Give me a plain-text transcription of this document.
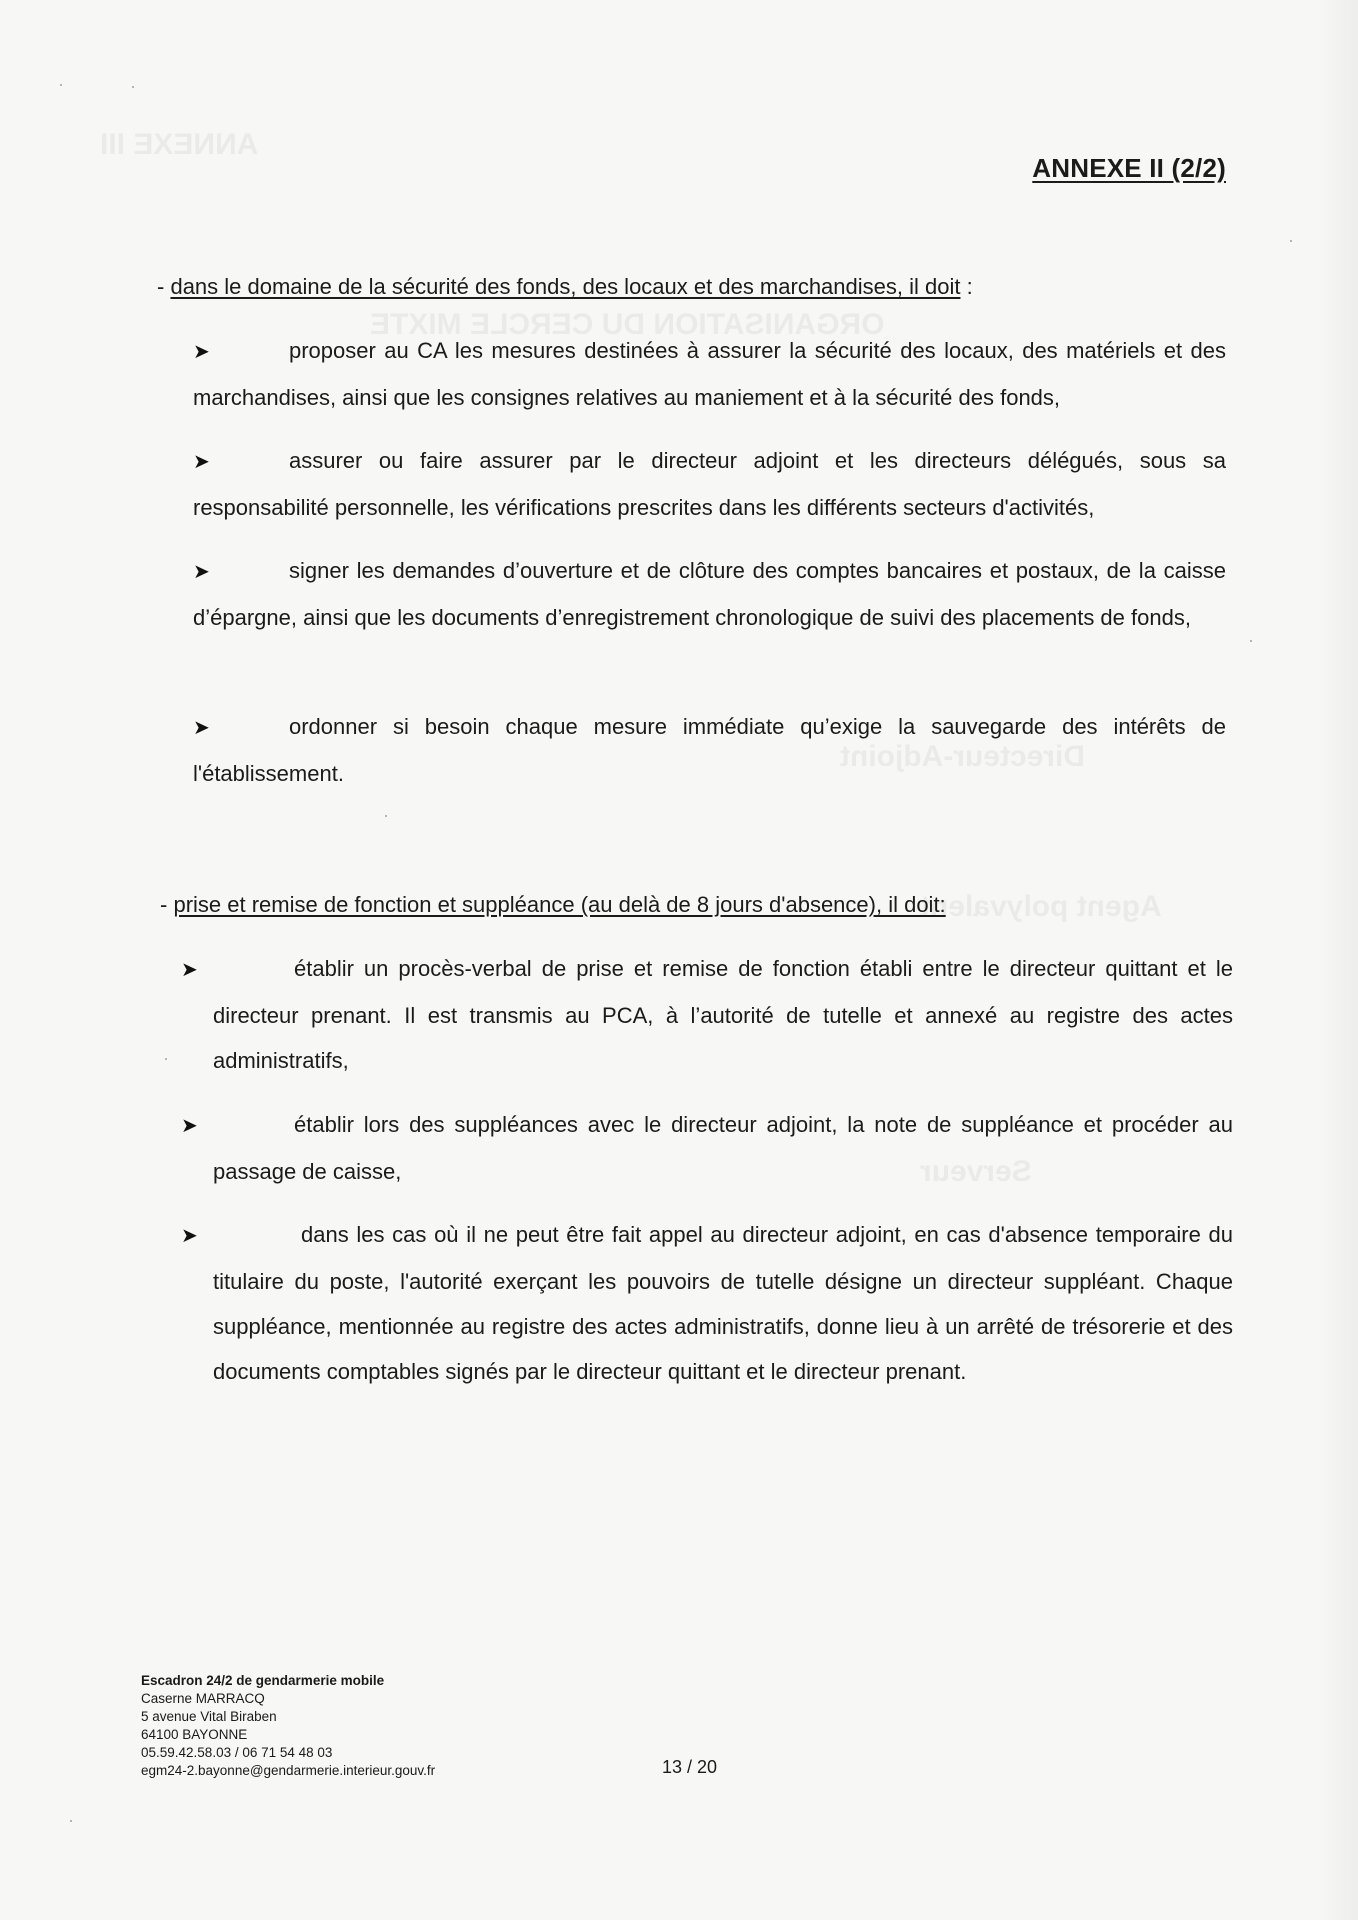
ANNEXE III
ORGANISATION DU CERCLE MIXTE
Directeur-Adjoint
Agent polyvalent
Serveur
ANNEXE II (2/2)
- dans le domaine de la sécurité des fonds, des locaux et des marchandises, il doit :
➤	proposer au CA les mesures destinées à assurer la sécurité des locaux, des matériels et des marchandises, ainsi que les consignes relatives au maniement et à la sécurité des fonds,
➤	assurer ou faire assurer par le directeur adjoint et les directeurs délégués, sous sa responsabilité personnelle, les vérifications prescrites dans les différents secteurs d'activités,
➤	signer les demandes d’ouverture et de clôture des comptes bancaires et postaux, de la caisse d’épargne, ainsi que les documents d’enregistrement chronologique de suivi des placements de fonds,
➤	ordonner si besoin chaque mesure immédiate qu’exige la sauvegarde des intérêts de l'établissement.
- prise et remise de fonction et suppléance (au delà de 8 jours d'absence), il doit:
➤	établir un procès-verbal de prise et remise de fonction établi entre le directeur quittant et le directeur prenant. Il est transmis au PCA, à l’autorité de tutelle et annexé au registre des actes administratifs,
➤	établir lors des suppléances avec le directeur adjoint, la note de suppléance et procéder au passage de caisse,
➤	dans les cas où il ne peut être fait appel au directeur adjoint, en cas d'absence temporaire du titulaire du poste, l'autorité exerçant les pouvoirs de tutelle désigne un directeur suppléant. Chaque suppléance, mentionnée au registre des actes administratifs, donne lieu à un arrêté de trésorerie et des documents comptables signés par le directeur quittant et le directeur prenant.
Escadron 24/2 de gendarmerie mobile
Caserne MARRACQ
5 avenue Vital Biraben
64100 BAYONNE
05.59.42.58.03 / 06 71 54 48 03
egm24-2.bayonne@gendarmerie.interieur.gouv.fr	13 / 20
